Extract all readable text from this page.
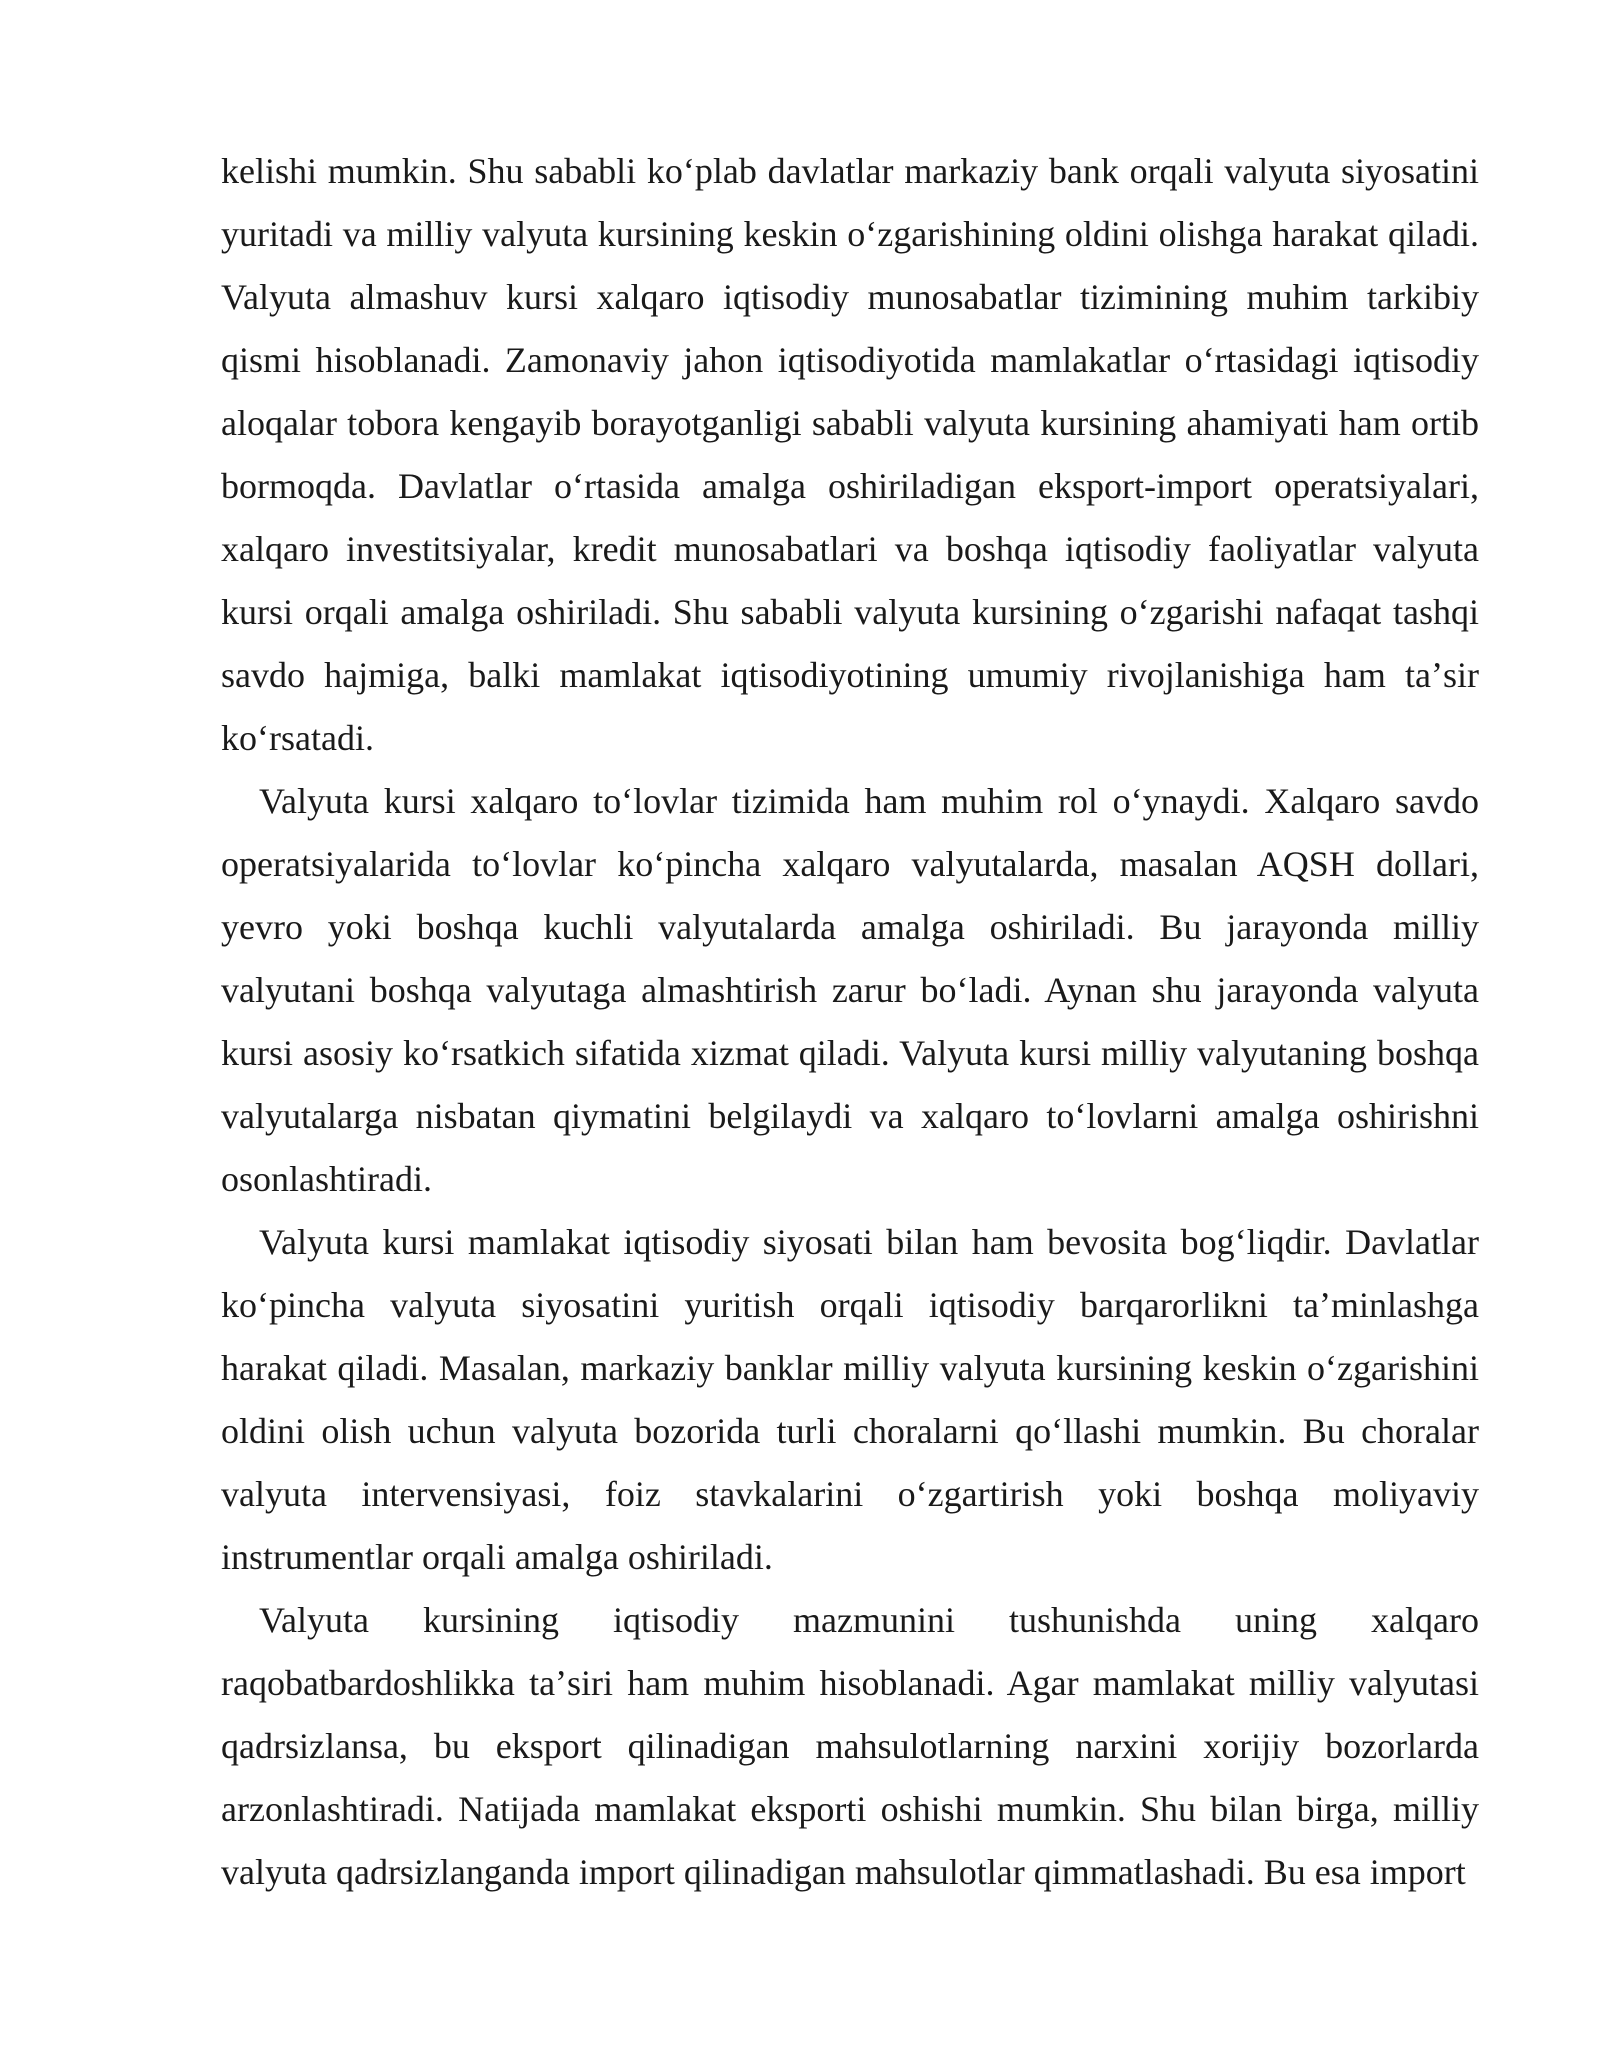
kelishi mumkin. Shu sababli koʻplab davlatlar markaziy bank orqali valyuta siyosatini yuritadi va milliy valyuta kursining keskin oʻzgarishining oldini olishga harakat qiladi. Valyuta almashuv kursi xalqaro iqtisodiy munosabatlar tizimining muhim tarkibiy qismi hisoblanadi. Zamonaviy jahon iqtisodiyotida mamlakatlar oʻrtasidagi iqtisodiy aloqalar tobora kengayib borayotganligi sababli valyuta kursining ahamiyati ham ortib bormoqda. Davlatlar oʻrtasida amalga oshiriladigan eksport-import operatsiyalari, xalqaro investitsiyalar, kredit munosabatlari va boshqa iqtisodiy faoliyatlar valyuta kursi orqali amalga oshiriladi. Shu sababli valyuta kursining oʻzgarishi nafaqat tashqi savdo hajmiga, balki mamlakat iqtisodiyotining umumiy rivojlanishiga ham taʼsir koʻrsatadi.

Valyuta kursi xalqaro toʻlovlar tizimida ham muhim rol oʻynaydi. Xalqaro savdo operatsiyalarida toʻlovlar koʻpincha xalqaro valyutalarda, masalan AQSH dollari, yevro yoki boshqa kuchli valyutalarda amalga oshiriladi. Bu jarayonda milliy valyutani boshqa valyutaga almashtirish zarur boʻladi. Aynan shu jarayonda valyuta kursi asosiy koʻrsatkich sifatida xizmat qiladi. Valyuta kursi milliy valyutaning boshqa valyutalarga nisbatan qiymatini belgilaydi va xalqaro toʻlovlarni amalga oshirishni osonlashtiradi.

Valyuta kursi mamlakat iqtisodiy siyosati bilan ham bevosita bogʻliqdir. Davlatlar koʻpincha valyuta siyosatini yuritish orqali iqtisodiy barqarorlikni taʼminlashga harakat qiladi. Masalan, markaziy banklar milliy valyuta kursining keskin oʻzgarishini oldini olish uchun valyuta bozorida turli choralarni qoʻllashi mumkin. Bu choralar valyuta intervensiyasi, foiz stavkalarini oʻzgartirish yoki boshqa moliyaviy instrumentlar orqali amalga oshiriladi.

Valyuta kursining iqtisodiy mazmunini tushunishda uning xalqaro raqobatbardoshlikka taʼsiri ham muhim hisoblanadi. Agar mamlakat milliy valyutasi qadrsizlansa, bu eksport qilinadigan mahsulotlarning narxini xorijiy bozorlarda arzonlashtiradi. Natijada mamlakat eksporti oshishi mumkin. Shu bilan birga, milliy valyuta qadrsizlanganda import qilinadigan mahsulotlar qimmatlashadi. Bu esa import
